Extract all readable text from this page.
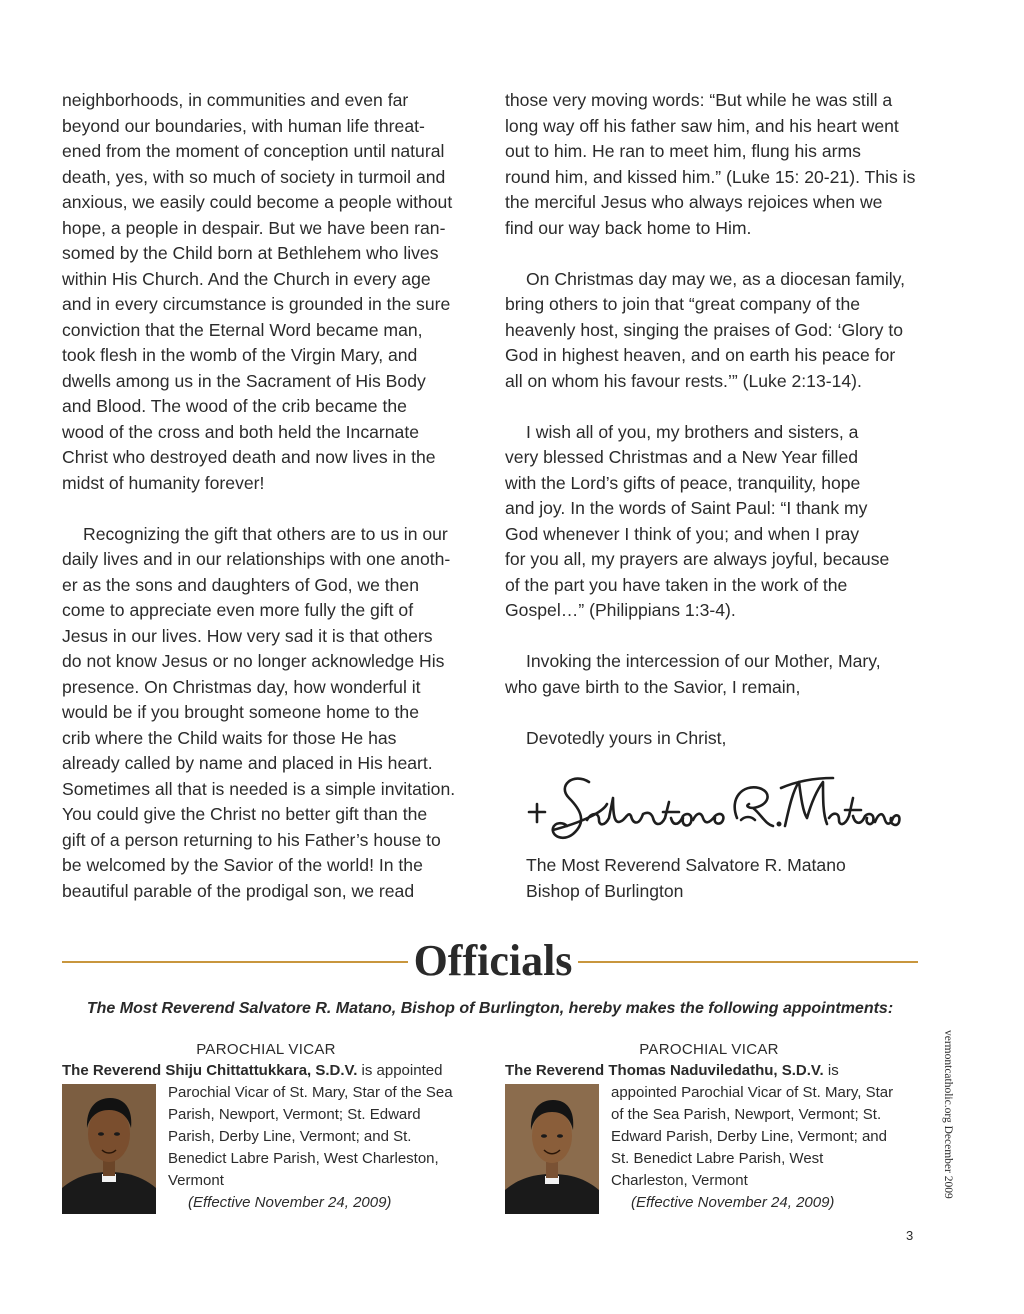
neighborhoods, in communities and even far
beyond our boundaries, with human life threat-
ened from the moment of conception until natural
death, yes, with so much of society in turmoil and
anxious, we easily could become a people without
hope, a people in despair. But we have been ran-
somed by the Child born at Bethlehem who lives
within His Church. And the Church in every age
and in every circumstance is grounded in the sure
conviction that the Eternal Word became man,
took flesh in the womb of the Virgin Mary, and
dwells among us in the Sacrament of His Body
and Blood. The wood of the crib became the
wood of the cross and both held the Incarnate
Christ who destroyed death and now lives in the
midst of humanity forever!
Recognizing the gift that others are to us in our
daily lives and in our relationships with one anoth-
er as the sons and daughters of God, we then
come to appreciate even more fully the gift of
Jesus in our lives. How very sad it is that others
do not know Jesus or no longer acknowledge His
presence. On Christmas day, how wonderful it
would be if you brought someone home to the
crib where the Child waits for those He has
already called by name and placed in His heart.
Sometimes all that is needed is a simple invitation.
You could give the Christ no better gift than the
gift of a person returning to his Father’s house to
be welcomed by the Savior of the world! In the
beautiful parable of the prodigal son, we read
those very moving words: “But while he was still a
long way off his father saw him, and his heart went
out to him. He ran to meet him, flung his arms
round him, and kissed him.” (Luke 15: 20-21). This is
the merciful Jesus who always rejoices when we
find our way back home to Him.
On Christmas day may we, as a diocesan family,
bring others to join that “great company of the
heavenly host, singing the praises of God: ‘Glory to
God in highest heaven, and on earth his peace for
all on whom his favour rests.’” (Luke 2:13-14).
I wish all of you, my brothers and sisters, a
very blessed Christmas and a New Year filled
with the Lord’s gifts of peace, tranquility, hope
and joy. In the words of Saint Paul: “I thank my
God whenever I think of you; and when I pray
for you all, my prayers are always joyful, because
of the part you have taken in the work of the
Gospel…” (Philippians 1:3-4).
Invoking the intercession of our Mother, Mary,
who gave birth to the Savior, I remain,
Devotedly yours in Christ,
The Most Reverend Salvatore R. Matano
Bishop of Burlington
Officials
The Most Reverend Salvatore R. Matano, Bishop of Burlington, hereby makes the following appointments:
PAROCHIAL VICAR
The Reverend Shiju Chittattukkara, S.D.V. is appointed
Parochial Vicar of St. Mary, Star of the Sea
Parish, Newport, Vermont; St. Edward
Parish, Derby Line, Vermont; and St.
Benedict Labre Parish, West Charleston,
Vermont
(Effective November 24, 2009)
PAROCHIAL VICAR
The Reverend Thomas Naduviledathu, S.D.V. is
appointed Parochial Vicar of St. Mary, Star
of the Sea Parish, Newport, Vermont; St.
Edward Parish, Derby Line, Vermont; and
St. Benedict Labre Parish, West
Charleston, Vermont
(Effective November 24, 2009)
vermontcatholic.org December 2009
3
